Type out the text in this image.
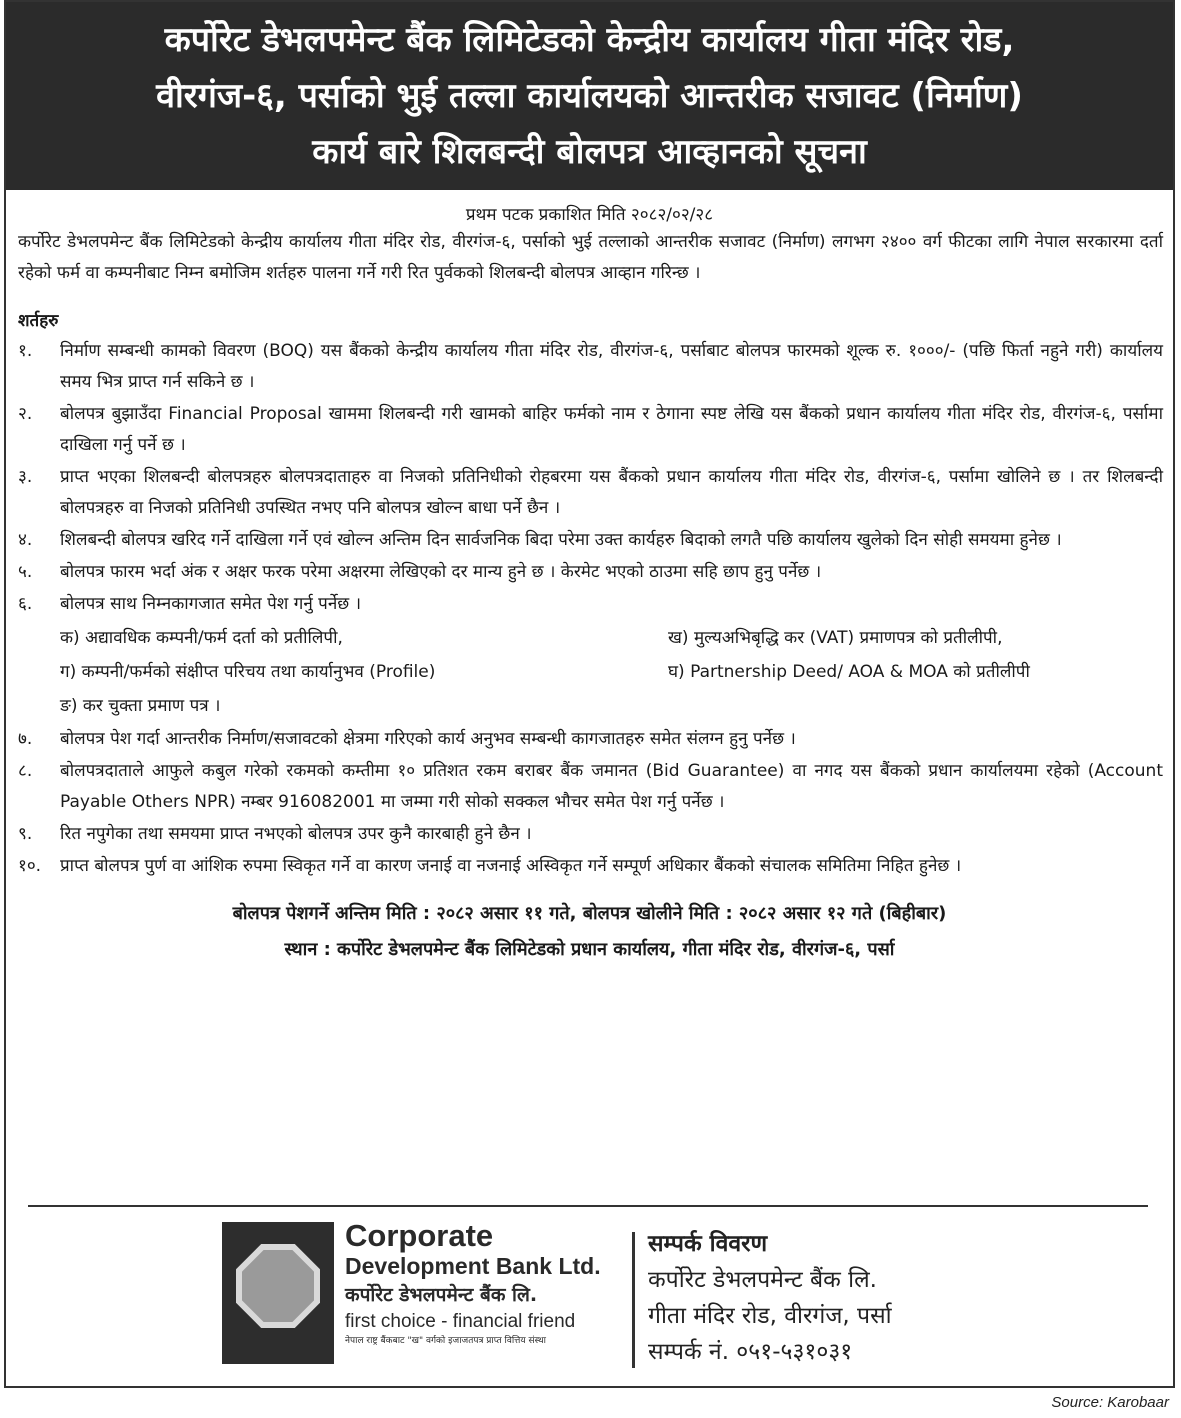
कर्पोरेट डेभलपमेन्ट बैंक लिमिटेडको केन्द्रीय कार्यालय गीता मंदिर रोड,
वीरगंज-६, पर्साको भुई तल्ला कार्यालयको आन्तरीक सजावट (निर्माण)
कार्य बारे शिलबन्दी बोलपत्र आव्हानको सूचना
प्रथम पटक प्रकाशित मिति २०८२/०२/२८

कर्पोरेट डेभलपमेन्ट बैंक लिमिटेडको केन्द्रीय कार्यालय गीता मंदिर रोड, वीरगंज-६, पर्साको भुई तल्लाको आन्तरीक सजावट (निर्माण) लगभग २४०० वर्ग फीटका लागि नेपाल सरकारमा दर्ता रहेको फर्म वा कम्पनीबाट निम्न बमोजिम शर्तहरु पालना गर्ने गरी रित पुर्वकको शिलबन्दी बोलपत्र आव्हान गरिन्छ ।

शर्तहरु
१. निर्माण सम्बन्धी कामको विवरण (BOQ) यस बैंकको केन्द्रीय कार्यालय गीता मंदिर रोड, वीरगंज-६, पर्साबाट बोलपत्र फारमको शूल्क रु. १०००/- (पछि फिर्ता नहुने गरी) कार्यालय समय भित्र प्राप्त गर्न सकिने छ ।
२. बोलपत्र बुझाउँदा Financial Proposal खाममा शिलबन्दी गरी खामको बाहिर फर्मको नाम र ठेगाना स्पष्ट लेखि यस बैंकको प्रधान कार्यालय गीता मंदिर रोड, वीरगंज-६, पर्सामा दाखिला गर्नु पर्ने छ ।
३. प्राप्त भएका शिलबन्दी बोलपत्रहरु बोलपत्रदाताहरु वा निजको प्रतिनिधीको रोहबरमा यस बैंकको प्रधान कार्यालय गीता मंदिर रोड, वीरगंज-६, पर्सामा खोलिने छ । तर शिलबन्दी बोलपत्रहरु वा निजको प्रतिनिधी उपस्थित नभए पनि बोलपत्र खोल्न बाधा पर्ने छैन ।
४. शिलबन्दी बोलपत्र खरिद गर्ने दाखिला गर्ने एवं खोल्न अन्तिम दिन सार्वजनिक बिदा परेमा उक्त कार्यहरु बिदाको लगतै पछि कार्यालय खुलेको दिन सोही समयमा हुनेछ ।
५. बोलपत्र फारम भर्दा अंक र अक्षर फरक परेमा अक्षरमा लेखिएको दर मान्य हुने छ । केरमेट भएको ठाउमा सहि छाप हुनु पर्नेछ ।
६. बोलपत्र साथ निम्नकागजात समेत पेश गर्नु पर्नेछ ।
क) अद्यावधिक कम्पनी/फर्म दर्ता को प्रतीलिपी,	ख) मुल्यअभिबृद्धि कर (VAT) प्रमाणपत्र को प्रतीलीपी,
ग) कम्पनी/फर्मको संक्षीप्त परिचय तथा कार्यानुभव (Profile)	घ) Partnership Deed/ AOA & MOA को प्रतीलीपी
ङ) कर चुक्ता प्रमाण पत्र ।
७. बोलपत्र पेश गर्दा आन्तरीक निर्माण/सजावटको क्षेत्रमा गरिएको कार्य अनुभव सम्बन्धी कागजातहरु समेत संलग्न हुनु पर्नेछ ।
८. बोलपत्रदाताले आफुले कबुल गरेको रकमको कम्तीमा १० प्रतिशत रकम बराबर बैंक जमानत (Bid Guarantee) वा नगद यस बैंकको प्रधान कार्यालयमा रहेको (Account Payable Others NPR) नम्बर 916082001 मा जम्मा गरी सोको सक्कल भौचर समेत पेश गर्नु पर्नेछ ।
९. रित नपुगेका तथा समयमा प्राप्त नभएको बोलपत्र उपर कुनै कारबाही हुने छैन ।
१०. प्राप्त बोलपत्र पुर्ण वा आंशिक रुपमा स्विकृत गर्ने वा कारण जनाई वा नजनाई अस्विकृत गर्ने सम्पूर्ण अधिकार बैंकको संचालक समितिमा निहित हुनेछ ।
बोलपत्र पेशगर्ने अन्तिम मिति : २०८२ असार ११ गते, बोलपत्र खोलीने मिति : २०८२ असार १२ गते (बिहीबार)
स्थान : कर्पोरेट डेभलपमेन्ट बैंक लिमिटेडको प्रधान कार्यालय, गीता मंदिर रोड, वीरगंज-६, पर्सा
Corporate
Development Bank Ltd.
कर्पोरेट डेभलपमेन्ट बैंक लि.
first choice - financial friend
नेपाल राष्ट्र बैंकबाट "ख" वर्गको इजाजतपत्र प्राप्त वित्तिय संस्था
सम्पर्क विवरण
कर्पोरेट डेभलपमेन्ट बैंक लि.
गीता मंदिर रोड, वीरगंज, पर्सा
सम्पर्क नं. ०५१-५३१०३१
Source: Karobaar
